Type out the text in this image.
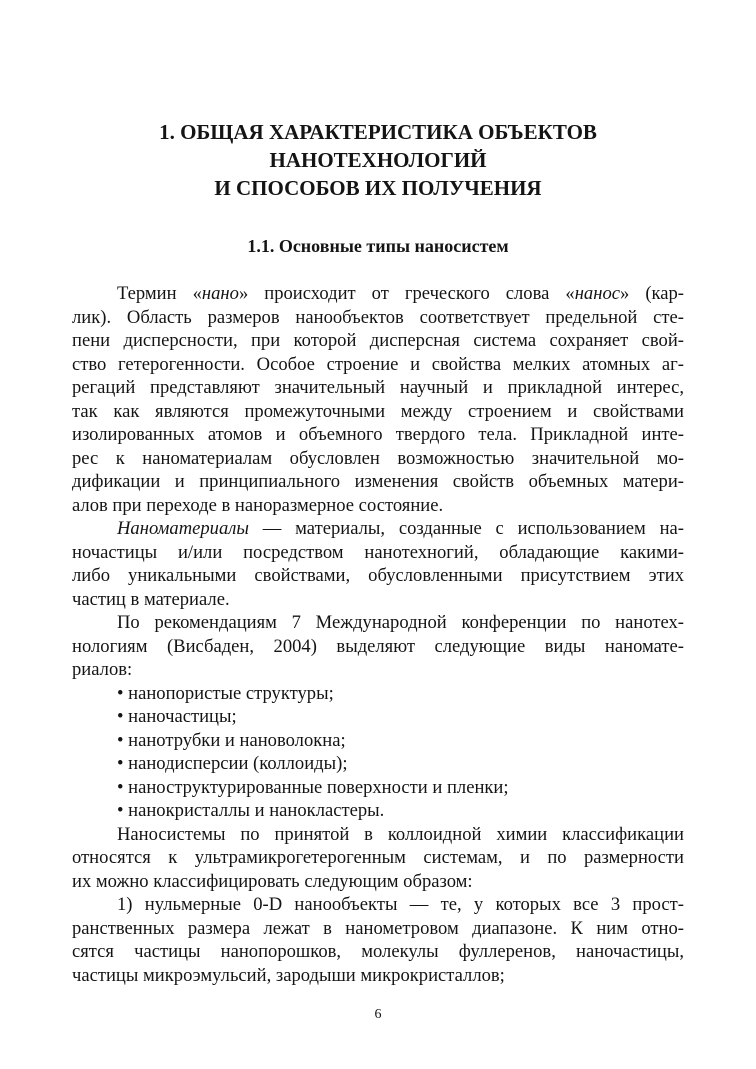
1. ОБЩАЯ ХАРАКТЕРИСТИКА ОБЪЕКТОВ
НАНОТЕХНОЛОГИЙ
И СПОСОБОВ ИХ ПОЛУЧЕНИЯ
1.1. Основные типы наносистем
Термин «нано» происходит от греческого слова «нанос» (кар-
лик). Область размеров нанообъектов соответствует предельной сте-
пени дисперсности, при которой дисперсная система сохраняет свой-
ство гетерогенности. Особое строение и свойства мелких атомных аг-
регаций представляют значительный научный и прикладной интерес,
так как являются промежуточными между строением и свойствами
изолированных атомов и объемного твердого тела. Прикладной инте-
рес к наноматериалам обусловлен возможностью значительной мо-
дификации и принципиального изменения свойств объемных матери-
алов при переходе в наноразмерное состояние.
Наноматериалы — материалы, созданные с использованием на-
ночастицы и/или посредством нанотехногий, обладающие какими-
либо уникальными свойствами, обусловленными присутствием этих
частиц в материале.
По рекомендациям 7 Международной конференции по нанотех-
нологиям (Висбаден, 2004) выделяют следующие виды наномате-
риалов:
• нанопористые структуры;
• наночастицы;
• нанотрубки и нановолокна;
• нанодисперсии (коллоиды);
• наноструктурированные поверхности и пленки;
• нанокристаллы и нанокластеры.
Наносистемы по принятой в коллоидной химии классификации
относятся к ультрамикрогетерогенным системам, и по размерности
их можно классифицировать следующим образом:
1) нульмерные 0-D нанообъекты — те, у которых все 3 прост-
ранственных размера лежат в нанометровом диапазоне. К ним отно-
сятся частицы нанопорошков, молекулы фуллеренов, наночастицы,
частицы микроэмульсий, зародыши микрокристаллов;
6
